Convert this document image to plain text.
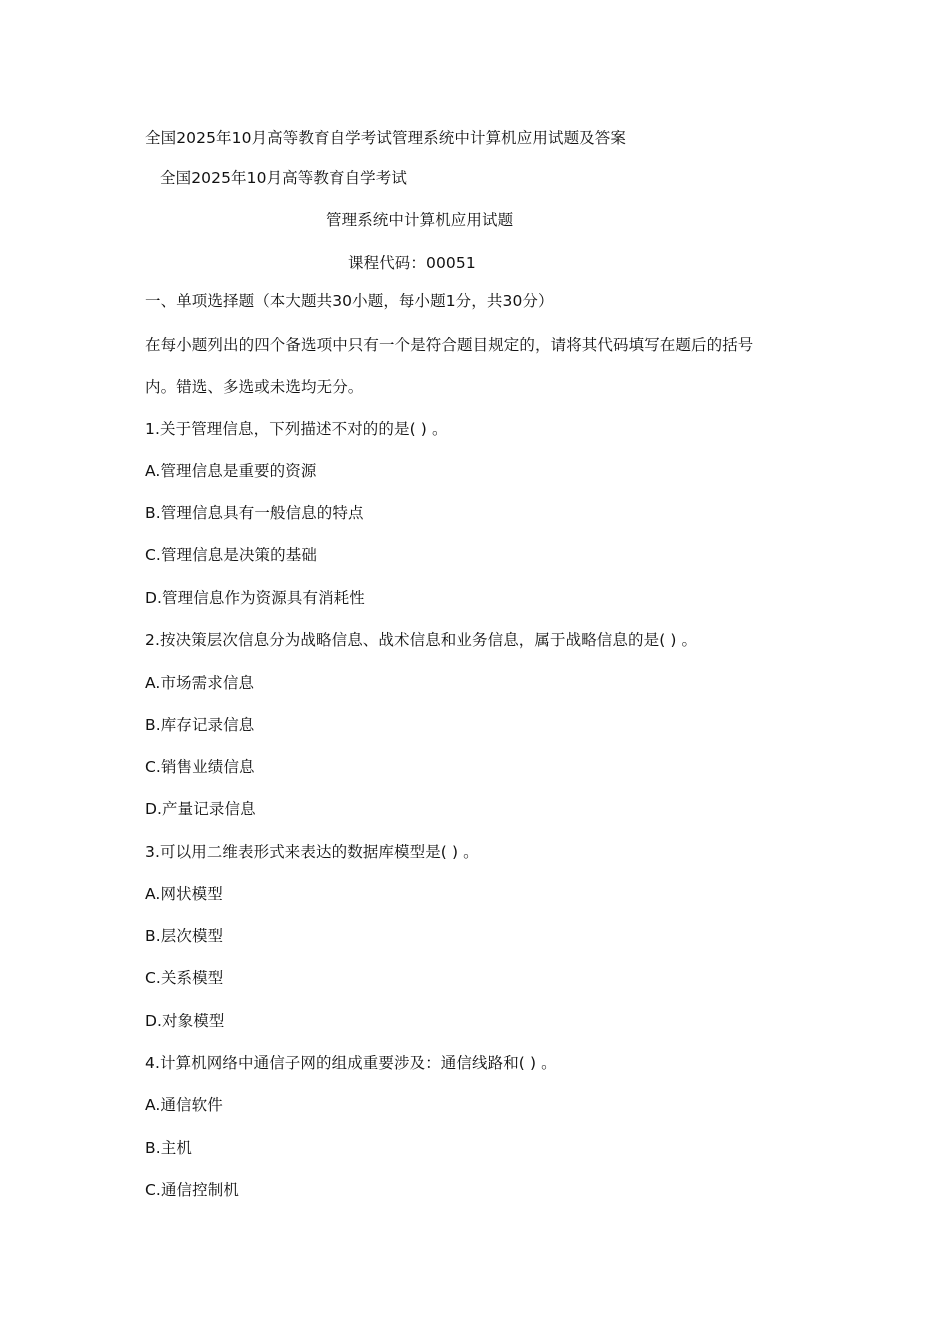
全国2025年10月高等教育自学考试管理系统中计算机应用试题及答案
全国2025年10月高等教育自学考试
管理系统中计算机应用试题
课程代码：00051
一、单项选择题（本大题共30小题，每小题1分，共30分）
在每小题列出的四个备选项中只有一个是符合题目规定的，请将其代码填写在题后的括号
内。错选、多选或未选均无分。
1.关于管理信息，下列描述不对的的是( ) 。
A.管理信息是重要的资源
B.管理信息具有一般信息的特点
C.管理信息是决策的基础
D.管理信息作为资源具有消耗性
2.按决策层次信息分为战略信息、战术信息和业务信息，属于战略信息的是( ) 。
A.市场需求信息
B.库存记录信息
C.销售业绩信息
D.产量记录信息
3.可以用二维表形式来表达的数据库模型是( ) 。
A.网状模型
B.层次模型
C.关系模型
D.对象模型
4.计算机网络中通信子网的组成重要涉及：通信线路和( ) 。
A.通信软件
B.主机
C.通信控制机
